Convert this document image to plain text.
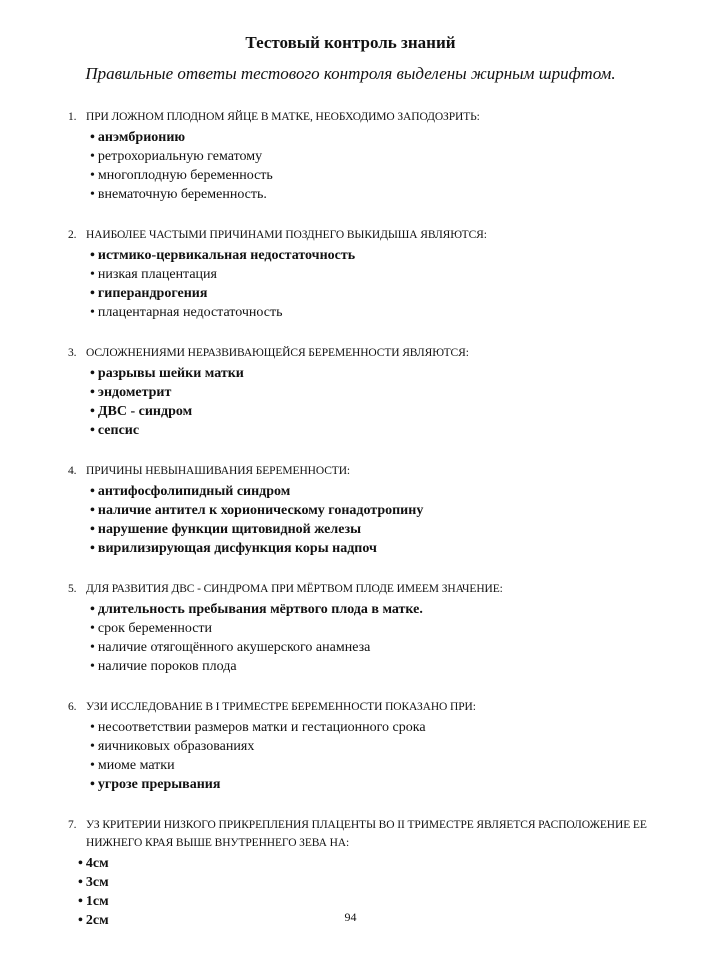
Тестовый контроль знаний
Правильные ответы тестового контроля выделены жирным шрифтом.
1. ПРИ ЛОЖНОМ ПЛОДНОМ ЯЙЦЕ В МАТКЕ, НЕОБХОДИМО ЗАПОДОЗРИТЬ:
• анэмбрионию
• ретрохориальную гематому
• многоплодную беременность
• внематочную беременность.
2. НАИБОЛЕЕ ЧАСТЫМИ ПРИЧИНАМИ ПОЗДНЕГО ВЫКИДЫША ЯВЛЯЮТСЯ:
• истмико-цервикальная недостаточность
• низкая плацентация
• гиперандрогения
• плацентарная недостаточность
3. ОСЛОЖНЕНИЯМИ НЕРАЗВИВАЮЩЕЙСЯ БЕРЕМЕННОСТИ ЯВЛЯЮТСЯ:
• разрывы шейки матки
• эндометрит
• ДВС - синдром
• сепсис
4. ПРИЧИНЫ НЕВЫНАШИВАНИЯ БЕРЕМЕННОСТИ:
• антифосфолипидный синдром
• наличие антител к хорионическому гонадотропину
• нарушение функции щитовидной железы
• вирилизирующая дисфункция коры надпоч
5. ДЛЯ РАЗВИТИЯ ДВС - СИНДРОМА ПРИ МЁРТВОМ ПЛОДЕ ИМЕЕМ ЗНАЧЕНИЕ:
• длительность пребывания мёртвого плода в матке.
• срок беременности
• наличие отягощённого акушерского анамнеза
• наличие пороков плода
6. УЗИ ИССЛЕДОВАНИЕ В I ТРИМЕСТРЕ БЕРЕМЕННОСТИ ПОКАЗАНО ПРИ:
• несоответствии размеров матки и гестационного срока
• яичниковых образованиях
• миоме матки
• угрозе прерывания
7. УЗ КРИТЕРИИ НИЗКОГО ПРИКРЕПЛЕНИЯ ПЛАЦЕНТЫ ВО II ТРИМЕСТРЕ ЯВЛЯЕТСЯ РАСПОЛОЖЕНИЕ ЕЕ НИЖНЕГО КРАЯ ВЫШЕ ВНУТРЕННЕГО ЗЕВА НА:
• 4см
• 3см
• 1см
• 2см	94
